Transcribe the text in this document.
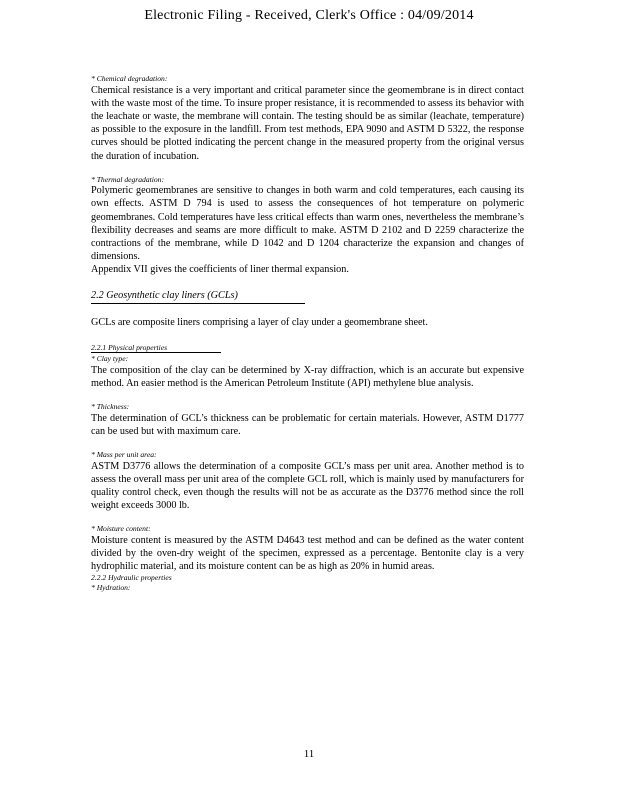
Electronic Filing - Received, Clerk's Office : 04/09/2014
* Chemical degradation:

Chemical resistance is a very important and critical parameter since the geomembrane is in direct contact with the waste most of the time. To insure proper resistance, it is recommended to assess its behavior with the leachate or waste, the membrane will contain. The testing should be as similar (leachate, temperature) as possible to the exposure in the landfill. From test methods, EPA 9090 and ASTM D 5322, the response curves should be plotted indicating the percent change in the measured property from the original versus the duration of incubation.

* Thermal degradation:

Polymeric geomembranes are sensitive to changes in both warm and cold temperatures, each causing its own effects. ASTM D 794 is used to assess the consequences of hot temperature on polymeric geomembranes. Cold temperatures have less critical effects than warm ones, nevertheless the membrane’s flexibility decreases and seams are more difficult to make. ASTM D 2102 and D 2259 characterize the contractions of the membrane, while D 1042 and D 1204 characterize the expansion and changes of dimensions.

Appendix VII gives the coefficients of liner thermal expansion.

2.2 Geosynthetic clay liners (GCLs)

GCLs are composite liners comprising a layer of clay under a geomembrane sheet.

2.2.1 Physical properties
* Clay type:

The composition of the clay can be determined by X-ray diffraction, which is an accurate but expensive method. An easier method is the American Petroleum Institute (API) methylene blue analysis.

* Thickness:

The determination of GCL’s thickness can be problematic for certain materials. However, ASTM D1777 can be used but with maximum care.

* Mass per unit area:

ASTM D3776 allows the determination of a composite GCL’s mass per unit area. Another method is to assess the overall mass per unit area of the complete GCL roll, which is mainly used by manufacturers for quality control check, even though the results will not be as accurate as the D3776 method since the roll weight exceeds 3000 lb.

* Moisture content:

Moisture content is measured by the ASTM D4643 test method and can be defined as the water content divided by the oven-dry weight of the specimen, expressed as a percentage. Bentonite clay is a very hydrophilic material, and its moisture content can be as high as 20% in humid areas.

2.2.2 Hydraulic properties
* Hydration:
11
